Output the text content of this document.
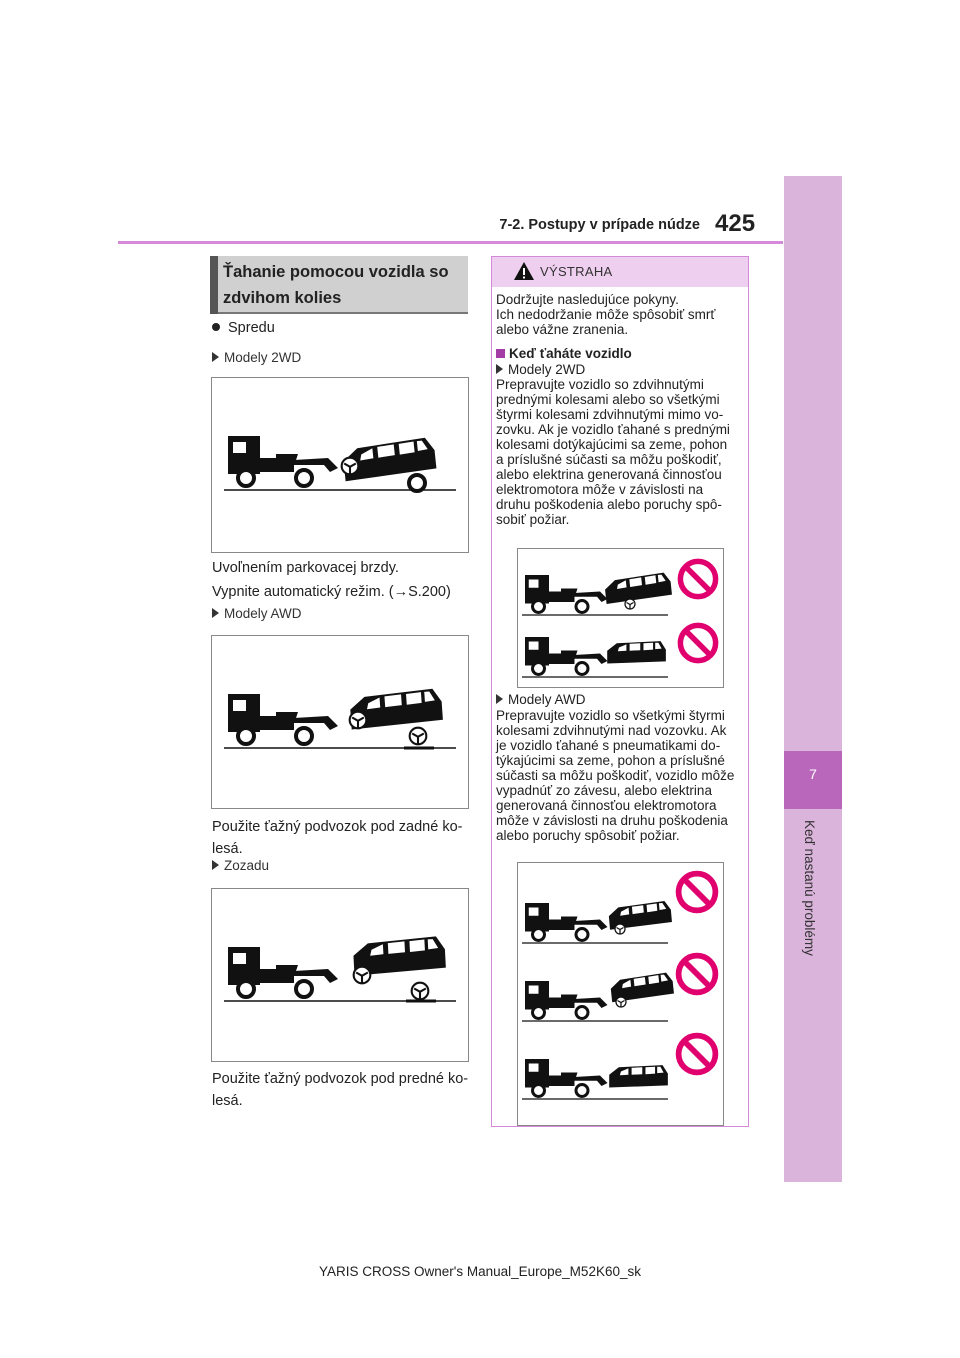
7-2. Postupy v prípade núdze 425
7
Keď nastanú problémy
Ťahanie pomocou vozidla so zdvihom kolies
Spredu
Modely 2WD
Uvoľnením parkovacej brzdy.
Vypnite automatický režim. (→S.200)
Modely AWD
Použite ťažný podvozok pod zadné ko-
lesá.
Zozadu
Použite ťažný podvozok pod predné ko-
lesá.
VÝSTRAHA
Dodržujte nasledujúce pokyny.
Ich nedodržanie môže spôsobiť smrť
alebo vážne zranenia.
Keď ťaháte vozidlo
Modely 2WD
Prepravujte vozidlo so zdvihnutými
prednými kolesami alebo so všetkými
štyrmi kolesami zdvihnutými mimo vo-
zovku. Ak je vozidlo ťahané s prednými
kolesami dotýkajúcimi sa zeme, pohon
a príslušné súčasti sa môžu poškodiť,
alebo elektrina generovaná činnosťou
elektromotora môže v závislosti na
druhu poškodenia alebo poruchy spô-
sobiť požiar.
Modely AWD
Prepravujte vozidlo so všetkými štyrmi
kolesami zdvihnutými nad vozovku. Ak
je vozidlo ťahané s pneumatikami do-
týkajúcimi sa zeme, pohon a príslušné
súčasti sa môžu poškodiť, vozidlo môže
vypadnúť zo závesu, alebo elektrina
generovaná činnosťou elektromotora
môže v závislosti na druhu poškodenia
alebo poruchy spôsobiť požiar.
YARIS CROSS Owner's Manual_Europe_M52K60_sk
